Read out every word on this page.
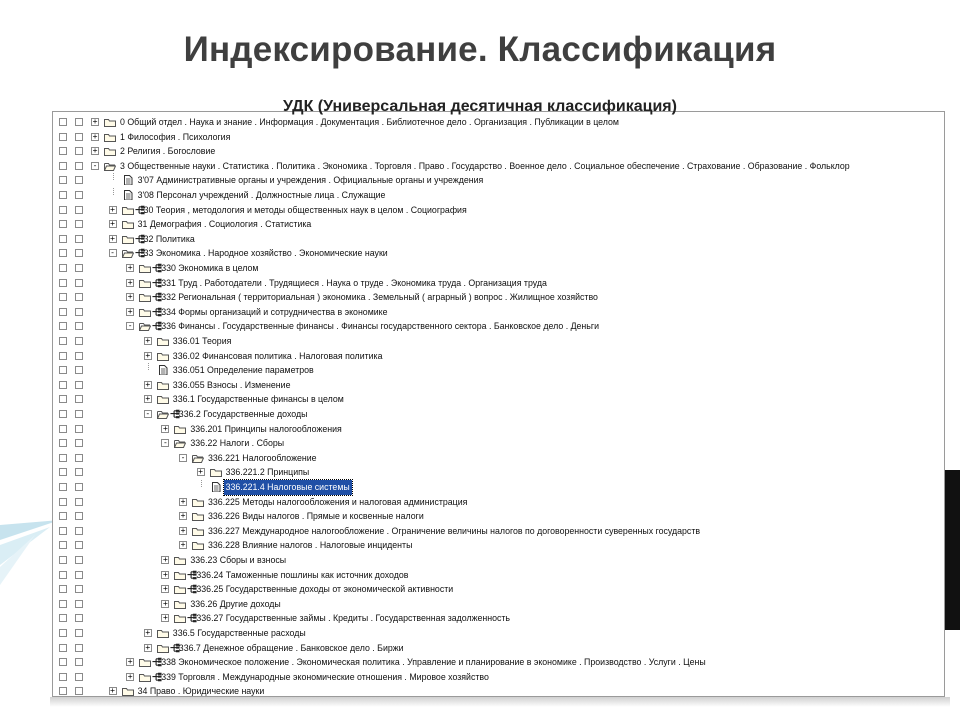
Индексирование. Классификация
+	0 Общий отдел . Наука и знание . Информация . Документация . Библиотечное дело . Организация . Публикации в целом
+	1 Философия . Психология
+	2 Религия . Богословие
-	3 Общественные науки . Статистика . Политика . Экономика . Торговля . Право . Государство . Военное дело . Социальное обеспечение . Страхование . Образование . Фольклор
3'07 Административные органы и учреждения . Официальные органы и учреждения
3'08 Персонал учреждений . Должностные лица . Служащие
+	30 Теория , методология и методы общественных наук в целом . Социография
+	31 Демография . Социология . Статистика
+	32 Политика
-	33 Экономика . Народное хозяйство . Экономические науки
+	330 Экономика в целом
+	331 Труд . Работодатели . Трудящиеся . Наука о труде . Экономика труда . Организация труда
+	332 Региональная ( территориальная ) экономика . Земельный ( аграрный ) вопрос . Жилищное хозяйство
+	334 Формы организаций и сотрудничества в экономике
-	336 Финансы . Государственные финансы . Финансы государственного сектора . Банковское дело . Деньги
+	336.01 Теория
+	336.02 Финансовая политика . Налоговая политика
336.051 Определение параметров
+	336.055 Взносы . Изменение
+	336.1 Государственные финансы в целом
-	336.2 Государственные доходы
+	336.201 Принципы налогообложения
-	336.22 Налоги . Сборы
-	336.221 Налогообложение
+	336.221.2 Принципы
336.221.4 Налоговые системы
+	336.225 Методы налогообложения и налоговая администрация
+	336.226 Виды налогов . Прямые и косвенные налоги
+	336.227 Международное налогообложение . Ограничение величины налогов по договоренности суверенных государств
+	336.228 Влияние налогов . Налоговые инциденты
+	336.23 Сборы и взносы
+	336.24 Таможенные пошлины как источник доходов
+	336.25 Государственные доходы от экономической активности
+	336.26 Другие доходы
+	336.27 Государственные займы . Кредиты . Государственная задолженность
+	336.5 Государственные расходы
+	336.7 Денежное обращение . Банковское дело . Биржи
+	338 Экономическое положение . Экономическая политика . Управление и планирование в экономике . Производство . Услуги . Цены
+	339 Торговля . Международные экономические отношения . Мировое хозяйство
+	34 Право . Юридические науки
УДК (Универсальная десятичная классификация)
